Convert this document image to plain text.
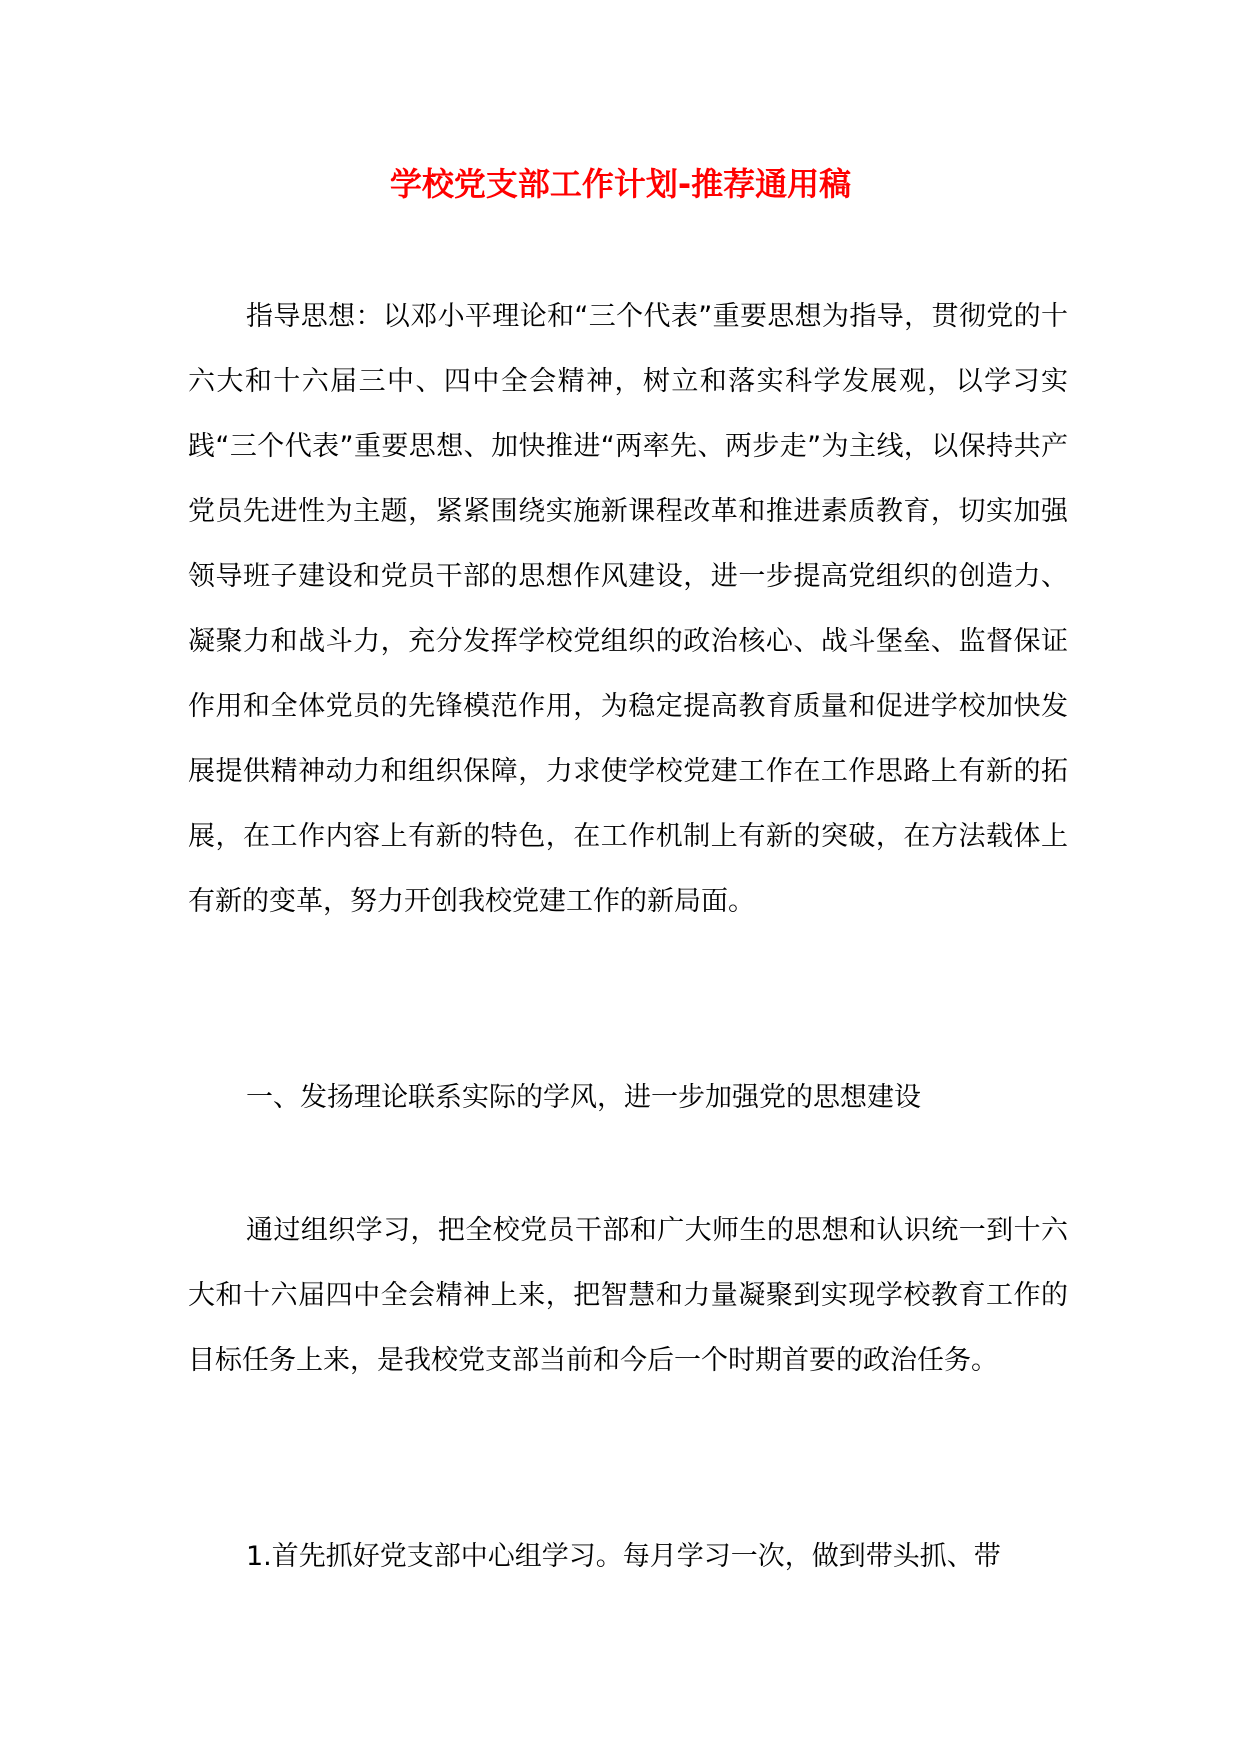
学校党支部工作计划-推荐通用稿

指导思想：以邓小平理论和“三个代表”重要思想为指导，贯彻党的十六大和十六届三中、四中全会精神，树立和落实科学发展观，以学习实践“三个代表”重要思想、加快推进“两率先、两步走”为主线，以保持共产党员先进性为主题，紧紧围绕实施新课程改革和推进素质教育，切实加强领导班子建设和党员干部的思想作风建设，进一步提高党组织的创造力、凝聚力和战斗力，充分发挥学校党组织的政治核心、战斗堡垒、监督保证作用和全体党员的先锋模范作用，为稳定提高教育质量和促进学校加快发展提供精神动力和组织保障，力求使学校党建工作在工作思路上有新的拓展，在工作内容上有新的特色，在工作机制上有新的突破，在方法载体上有新的变革，努力开创我校党建工作的新局面。

一、发扬理论联系实际的学风，进一步加强党的思想建设

通过组织学习，把全校党员干部和广大师生的思想和认识统一到十六大和十六届四中全会精神上来，把智慧和力量凝聚到实现学校教育工作的目标任务上来，是我校党支部当前和今后一个时期首要的政治任务。

1.首先抓好党支部中心组学习。每月学习一次，做到带头抓、带
